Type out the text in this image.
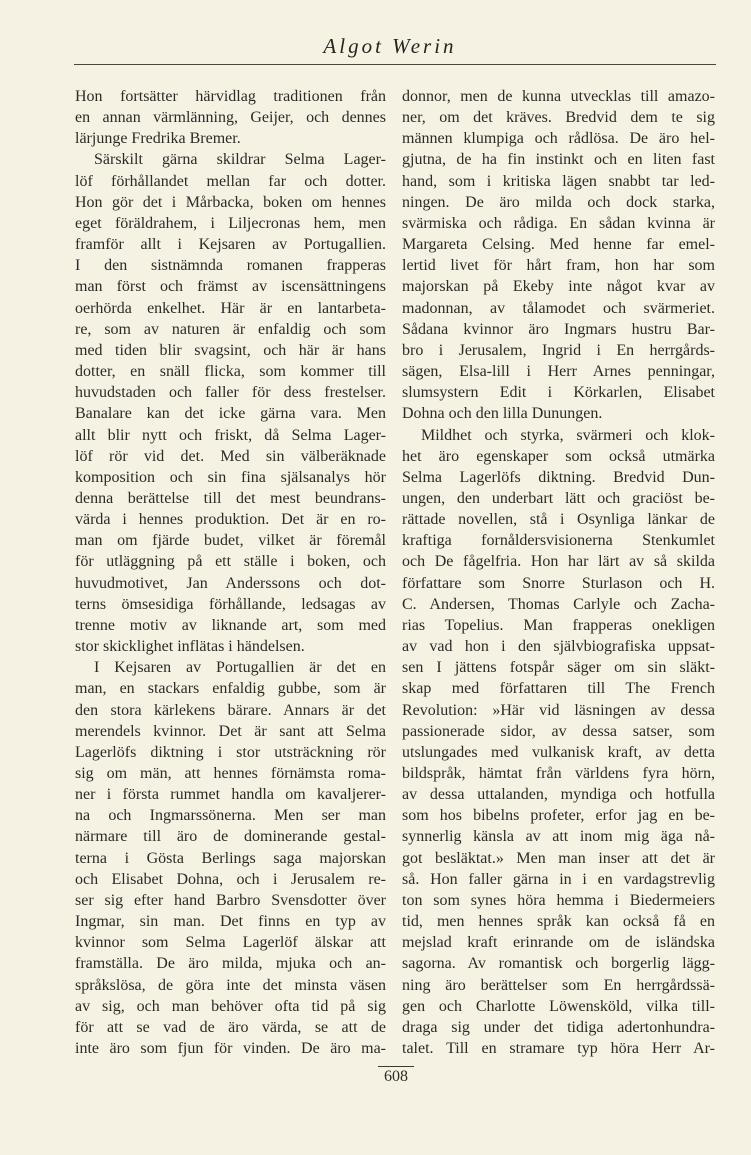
Algot Werin
Hon fortsätter härvidlag traditionen från
en annan värmlänning, Geijer, och dennes
lärjunge Fredrika Bremer.
Särskilt gärna skildrar Selma Lager-
löf förhållandet mellan far och dotter.
Hon gör det i Mårbacka, boken om hennes
eget föräldrahem, i Liljecronas hem, men
framför allt i Kejsaren av Portugallien.
I den sistnämnda romanen frapperas
man först och främst av iscensättningens
oerhörda enkelhet. Här är en lantarbeta-
re, som av naturen är enfaldig och som
med tiden blir svagsint, och här är hans
dotter, en snäll flicka, som kommer till
huvudstaden och faller för dess frestelser.
Banalare kan det icke gärna vara. Men
allt blir nytt och friskt, då Selma Lager-
löf rör vid det. Med sin välberäknade
komposition och sin fina själsanalys hör
denna berättelse till det mest beundrans-
värda i hennes produktion. Det är en ro-
man om fjärde budet, vilket är föremål
för utläggning på ett ställe i boken, och
huvudmotivet, Jan Anderssons och dot-
terns ömsesidiga förhållande, ledsagas av
trenne motiv av liknande art, som med
stor skicklighet inflätas i händelsen.
I Kejsaren av Portugallien är det en
man, en stackars enfaldig gubbe, som är
den stora kärlekens bärare. Annars är det
merendels kvinnor. Det är sant att Selma
Lagerlöfs diktning i stor utsträckning rör
sig om män, att hennes förnämsta roma-
ner i första rummet handla om kavaljerer-
na och Ingmarssönerna. Men ser man
närmare till äro de dominerande gestal-
terna i Gösta Berlings saga majorskan
och Elisabet Dohna, och i Jerusalem re-
ser sig efter hand Barbro Svensdotter över
Ingmar, sin man. Det finns en typ av
kvinnor som Selma Lagerlöf älskar att
framställa. De äro milda, mjuka och an-
språkslösa, de göra inte det minsta väsen
av sig, och man behöver ofta tid på sig
för att se vad de äro värda, se att de
inte äro som fjun för vinden. De äro ma-
donnor, men de kunna utvecklas till amazo-
ner, om det kräves. Bredvid dem te sig
männen klumpiga och rådlösa. De äro hel-
gjutna, de ha fin instinkt och en liten fast
hand, som i kritiska lägen snabbt tar led-
ningen. De äro milda och dock starka,
svärmiska och rådiga. En sådan kvinna är
Margareta Celsing. Med henne far emel-
lertid livet för hårt fram, hon har som
majorskan på Ekeby inte något kvar av
madonnan, av tålamodet och svärmeriet.
Sådana kvinnor äro Ingmars hustru Bar-
bro i Jerusalem, Ingrid i En herrgårds-
sägen, Elsa-lill i Herr Arnes penningar,
slumsystern Edit i Körkarlen, Elisabet
Dohna och den lilla Dunungen.
Mildhet och styrka, svärmeri och klok-
het äro egenskaper som också utmärka
Selma Lagerlöfs diktning. Bredvid Dun-
ungen, den underbart lätt och graciöst be-
rättade novellen, stå i Osynliga länkar de
kraftiga fornåldersvisionerna Stenkumlet
och De fågelfria. Hon har lärt av så skilda
författare som Snorre Sturlason och H.
C. Andersen, Thomas Carlyle och Zacha-
rias Topelius. Man frapperas onekligen
av vad hon i den självbiografiska uppsat-
sen I jättens fotspår säger om sin släkt-
skap med författaren till The French
Revolution: »Här vid läsningen av dessa
passionerade sidor, av dessa satser, som
utslungades med vulkanisk kraft, av detta
bildspråk, hämtat från världens fyra hörn,
av dessa uttalanden, myndiga och hotfulla
som hos bibelns profeter, erfor jag en be-
synnerlig känsla av att inom mig äga nå-
got besläktat.» Men man inser att det är
så. Hon faller gärna in i en vardagstrevlig
ton som synes höra hemma i Biedermeiers
tid, men hennes språk kan också få en
mejslad kraft erinrande om de isländska
sagorna. Av romantisk och borgerlig lägg-
ning äro berättelser som En herrgårdssä-
gen och Charlotte Löwensköld, vilka till-
draga sig under det tidiga adertonhundra-
talet. Till en stramare typ höra Herr Ar-
608
